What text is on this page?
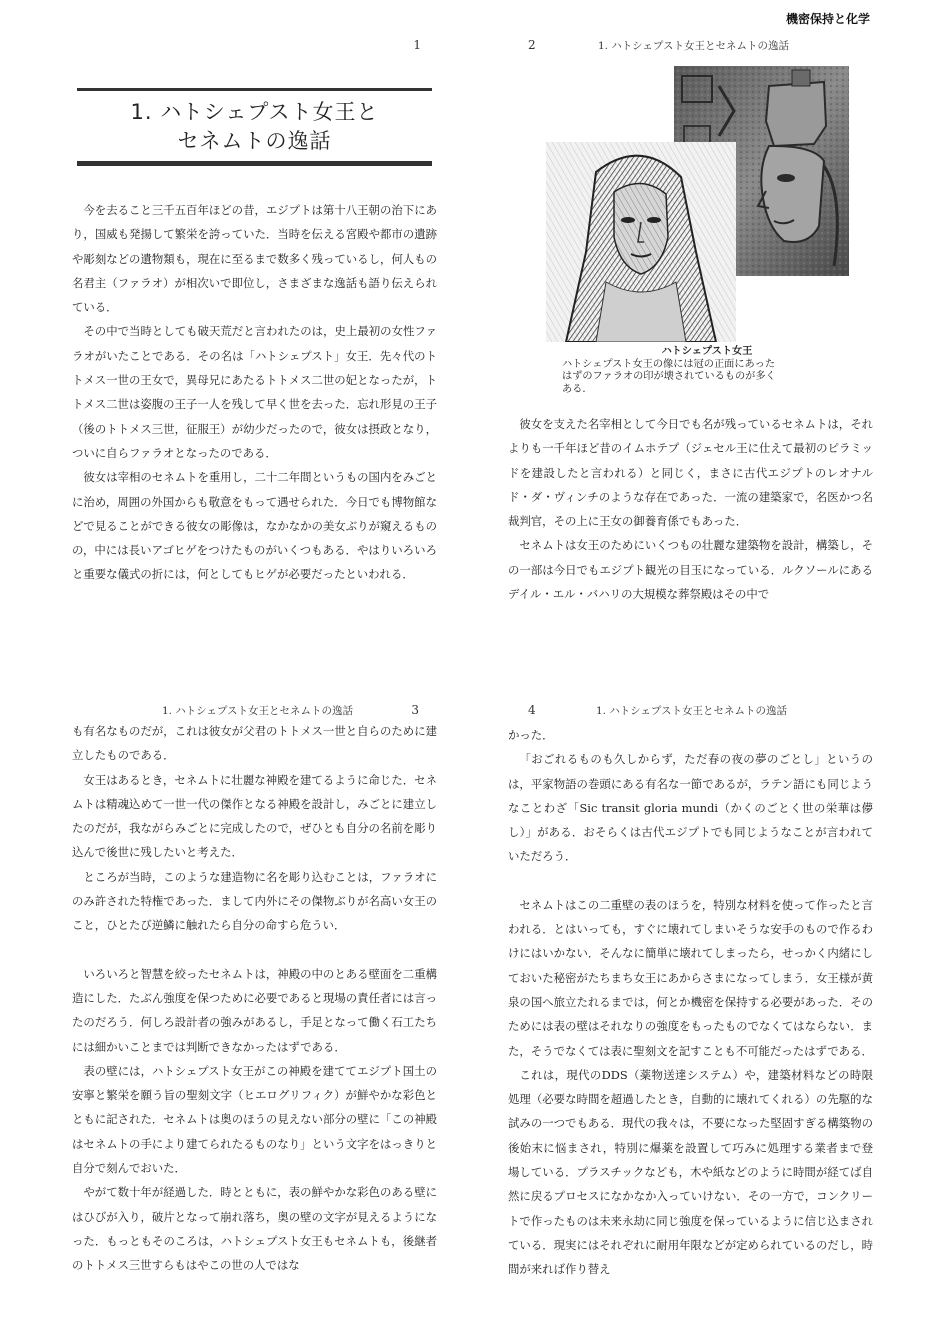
機密保持と化学
1
1. ハトシェプスト女王と
セネムトの逸話

今を去ること三千五百年ほどの昔，エジプトは第十八王朝の治下にあり，国威も発揚して繁栄を誇っていた．当時を伝える宮殿や都市の遺跡や彫刻などの遺物類も，現在に至るまで数多く残っているし，何人もの名君主（ファラオ）が相次いで即位し，さまざまな逸話も語り伝えられている．

その中で当時としても破天荒だと言われたのは，史上最初の女性ファラオがいたことである．その名は「ハトシェプスト」女王．先々代のトトメス一世の王女で，異母兄にあたるトトメス二世の妃となったが，トトメス二世は姿腹の王子一人を残して早く世を去った．忘れ形見の王子（後のトトメス三世，征服王）が幼少だったので，彼女は摂政となり，ついに自らファラオとなったのである．

彼女は宰相のセネムトを重用し，二十二年間というもの国内をみごとに治め，周囲の外国からも敬意をもって遇せられた．今日でも博物館などで見ることができる彼女の彫像は，なかなかの美女ぶりが窺えるものの，中には長いアゴヒゲをつけたものがいくつもある．やはりいろいろと重要な儀式の折には，何としてもヒゲが必要だったといわれる．

2	1. ハトシェプスト女王とセネムトの逸話
ハトシェプスト女王
ハトシェプスト女王の像には冠の正面にあった
はずのファラオの印が壊されているものが多く
ある.

彼女を支えた名宰相として今日でも名が残っているセネムトは，それよりも一千年ほど昔のイムホテプ（ジェセル王に仕えて最初のピラミッドを建設したと言われる）と同じく，まさに古代エジプトのレオナルド・ダ・ヴィンチのような存在であった．一流の建築家で，名医かつ名裁判官，その上に王女の御養育係でもあった．

セネムトは女王のためにいくつもの壮麗な建築物を設計，構築し，その一部は今日でもエジプト観光の目玉になっている．ルクソールにあるデイル・エル・バハリの大規模な葬祭殿はその中で

1. ハトシェプスト女王とセネムトの逸話	3

も有名なものだが，これは彼女が父君のトトメス一世と自らのために建立したものである．

女王はあるとき，セネムトに壮麗な神殿を建てるように命じた．セネムトは精魂込めて一世一代の傑作となる神殿を設計し，みごとに建立したのだが，我ながらみごとに完成したので，ぜひとも自分の名前を彫り込んで後世に残したいと考えた．

ところが当時，このような建造物に名を彫り込むことは，ファラオにのみ許された特権であった．まして内外にその傑物ぶりが名高い女王のこと，ひとたび逆鱗に触れたら自分の命すら危うい．

いろいろと智慧を絞ったセネムトは，神殿の中のとある壁面を二重構造にした．たぶん強度を保つために必要であると現場の責任者には言ったのだろう．何しろ設計者の強みがあるし，手足となって働く石工たちには細かいことまでは判断できなかったはずである．

表の壁には，ハトシェプスト女王がこの神殿を建ててエジプト国土の安寧と繁栄を願う旨の聖刻文字（ヒエログリフィク）が鮮やかな彩色とともに記された．セネムトは奥のほうの見えない部分の壁に「この神殿はセネムトの手により建てられたるものなり」という文字をはっきりと自分で刻んでおいた．

やがて数十年が経過した．時とともに，表の鮮やかな彩色のある壁にはひびが入り，破片となって崩れ落ち，奥の壁の文字が見えるようになった．もっともそのころは，ハトシェプスト女王もセネムトも，後継者のトトメス三世すらもはやこの世の人ではな

4	1. ハトシェプスト女王とセネムトの逸話

かった．

「おごれるものも久しからず，ただ春の夜の夢のごとし」というのは，平家物語の巻頭にある有名な一節であるが，ラテン語にも同じようなことわざ「Sic transit gloria mundi（かくのごとく世の栄華は儚し）」がある．おそらくは古代エジプトでも同じようなことが言われていただろう．

セネムトはこの二重壁の表のほうを，特別な材料を使って作ったと言われる．とはいっても，すぐに壊れてしまいそうな安手のもので作るわけにはいかない．そんなに簡単に壊れてしまったら，せっかく内緒にしておいた秘密がたちまち女王にあからさまになってしまう．女王様が黄泉の国へ旅立たれるまでは，何とか機密を保持する必要があった．そのためには表の壁はそれなりの強度をもったものでなくてはならない．また，そうでなくては表に聖刻文を記すことも不可能だったはずである．

これは，現代のDDS（薬物送達システム）や，建築材料などの時限処理（必要な時間を超過したとき，自動的に壊れてくれる）の先駆的な試みの一つでもある．現代の我々は，不要になった堅固すぎる構築物の後始末に悩まされ，特別に爆薬を設置して巧みに処理する業者まで登場している．プラスチックなども，木や紙などのように時間が経てば自然に戻るプロセスになかなか入っていけない．その一方で，コンクリートで作ったものは未来永劫に同じ強度を保っているように信じ込まされている．現実にはそれぞれに耐用年限などが定められているのだし，時間が来れば作り替え
